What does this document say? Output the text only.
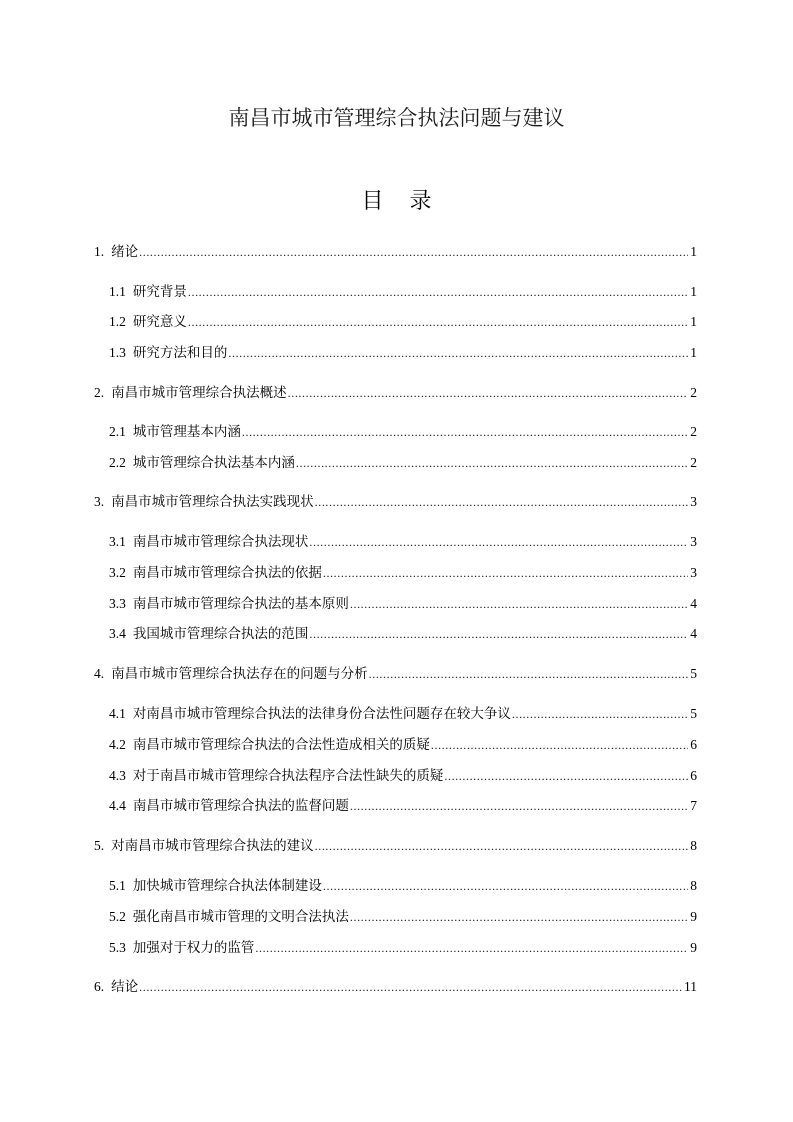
南昌市城市管理综合执法问题与建议
目录
1. 绪论 .....	1
1.1 研究背景 .....	1
1.2 研究意义 .....	1
1.3 研究方法和目的 .....	1
2. 南昌市城市管理综合执法概述 .....	2
2.1 城市管理基本内涵 .....	2
2.2 城市管理综合执法基本内涵 .....	2
3. 南昌市城市管理综合执法实践现状 .....	3
3.1 南昌市城市管理综合执法现状 .....	3
3.2 南昌市城市管理综合执法的依据 .....	3
3.3 南昌市城市管理综合执法的基本原则 .....	4
3.4 我国城市管理综合执法的范围 .....	4
4. 南昌市城市管理综合执法存在的问题与分析 .....	5
4.1 对南昌市城市管理综合执法的法律身份合法性问题存在较大争议 .....	5
4.2 南昌市城市管理综合执法的合法性造成相关的质疑 .....	6
4.3 对于南昌市城市管理综合执法程序合法性缺失的质疑 .....	6
4.4 南昌市城市管理综合执法的监督问题 .....	7
5. 对南昌市城市管理综合执法的建议 .....	8
5.1 加快城市管理综合执法体制建设 .....	8
5.2 强化南昌市城市管理的文明合法执法 .....	9
5.3 加强对于权力的监管 .....	9
6. 结论 .....	11
